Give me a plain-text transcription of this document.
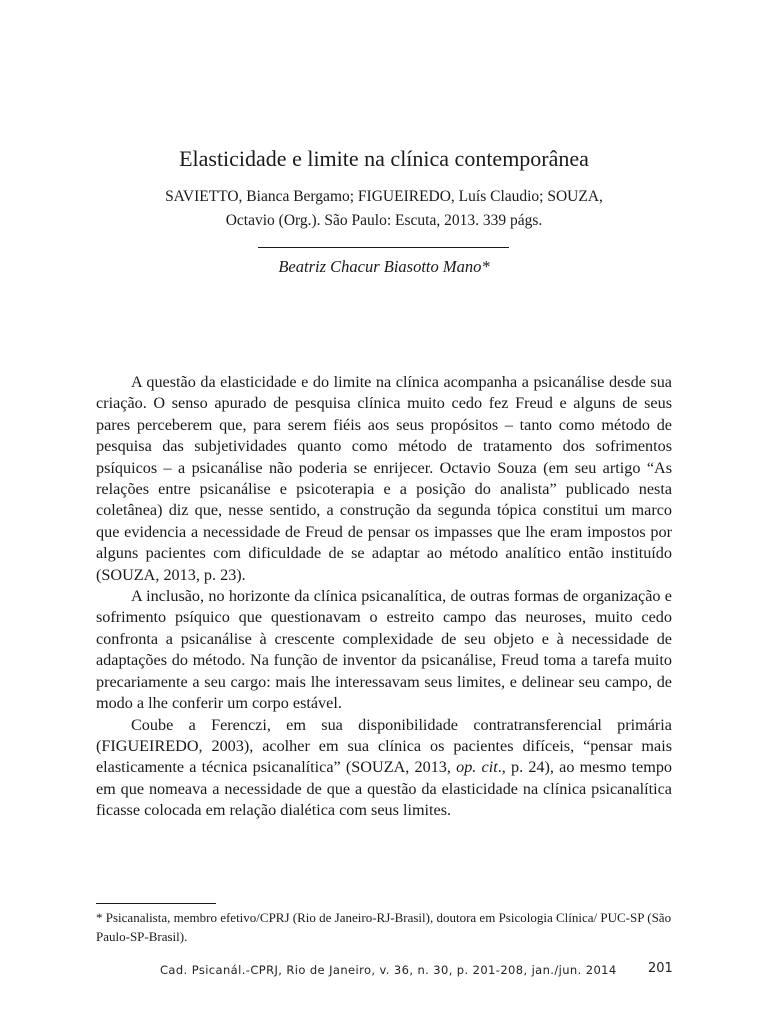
Elasticidade e limite na clínica contemporânea
SAVIETTO, Bianca Bergamo; FIGUEIREDO, Luís Claudio; SOUZA,
Octavio (Org.). São Paulo: Escuta, 2013. 339 págs.
Beatriz Chacur Biasotto Mano*

A questão da elasticidade e do limite na clínica acompanha a psicanálise desde sua criação. O senso apurado de pesquisa clínica muito cedo fez Freud e alguns de seus pares perceberem que, para serem fiéis aos seus propósitos – tanto como método de pesquisa das subjetividades quanto como método de tratamento dos sofrimentos psíquicos – a psicanálise não poderia se enrijecer. Octavio Souza (em seu artigo “As relações entre psicanálise e psicoterapia e a posição do analista” publicado nesta coletânea) diz que, nesse sentido, a construção da segunda tópica constitui um marco que evidencia a necessidade de Freud de pensar os impasses que lhe eram impostos por alguns pacientes com dificuldade de se adaptar ao método analítico então instituído (SOUZA, 2013, p. 23).

A inclusão, no horizonte da clínica psicanalítica, de outras formas de organização e sofrimento psíquico que questionavam o estreito campo das neuroses, muito cedo confronta a psicanálise à crescente complexidade de seu objeto e à necessidade de adaptações do método. Na função de inventor da psicanálise, Freud toma a tarefa muito precariamente a seu cargo: mais lhe interessavam seus limites, e delinear seu campo, de modo a lhe conferir um corpo estável.

Coube a Ferenczi, em sua disponibilidade contratransferencial primária (FIGUEIREDO, 2003), acolher em sua clínica os pacientes difíceis, “pensar mais elasticamente a técnica psicanalítica” (SOUZA, 2013, op. cit., p. 24), ao mesmo tempo em que nomeava a necessidade de que a questão da elasticidade na clínica psicanalítica ficasse colocada em relação dialética com seus limites.

* Psicanalista, membro efetivo/CPRJ (Rio de Janeiro-RJ-Brasil), doutora em Psicologia Clínica/ PUC-SP (São Paulo-SP-Brasil).
Cad. Psicanál.-CPRJ, Rio de Janeiro, v. 36, n. 30, p. 201-208, jan./jun. 2014 201
